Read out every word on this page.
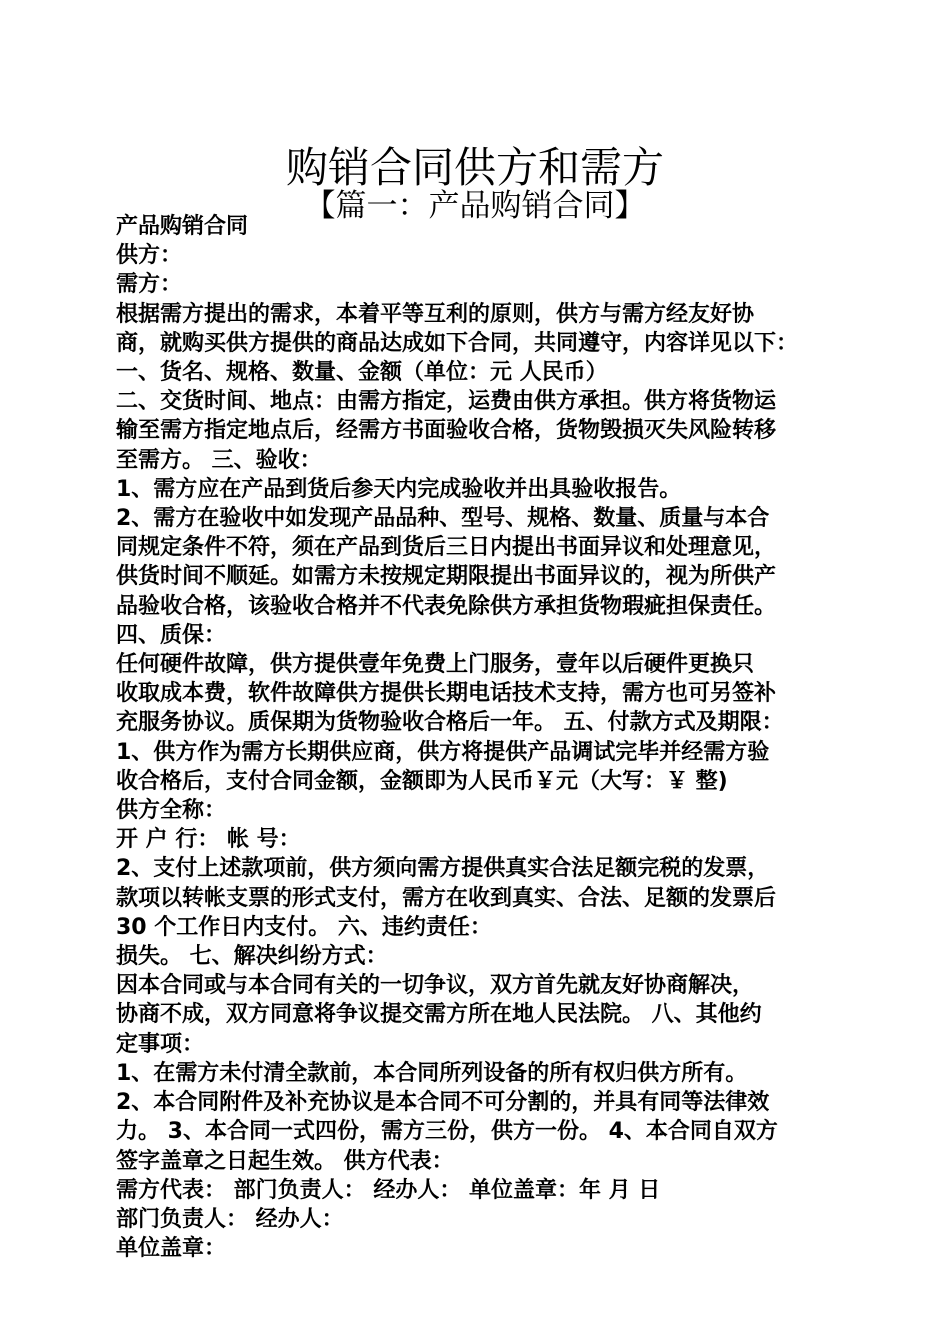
购销合同供方和需方
【篇一：产品购销合同】

产品购销合同

供方：

需方：

根据需方提出的需求，本着平等互利的原则，供方与需方经友好协

商，就购买供方提供的商品达成如下合同，共同遵守，内容详见以下：

一、货名、规格、数量、金额（单位：元 人民币）

二、交货时间、地点：由需方指定，运费由供方承担。供方将货物运

输至需方指定地点后，经需方书面验收合格，货物毁损灭失风险转移

至需方。 三、验收：

1、需方应在产品到货后参天内完成验收并出具验收报告。

2、需方在验收中如发现产品品种、型号、规格、数量、质量与本合

同规定条件不符，须在产品到货后三日内提出书面异议和处理意见，

供货时间不顺延。如需方未按规定期限提出书面异议的，视为所供产

品验收合格，该验收合格并不代表免除供方承担货物瑕疵担保责任。

四、质保：

任何硬件故障，供方提供壹年免费上门服务，壹年以后硬件更换只

收取成本费，软件故障供方提供长期电话技术支持，需方也可另签补

充服务协议。质保期为货物验收合格后一年。 五、付款方式及期限：

1、供方作为需方长期供应商，供方将提供产品调试完毕并经需方验

收合格后，支付合同金额，金额即为人民币￥元（大写：￥ 整)

供方全称：

开 户 行： 帐 号：

2、支付上述款项前，供方须向需方提供真实合法足额完税的发票，

款项以转帐支票的形式支付，需方在收到真实、合法、足额的发票后

30 个工作日内支付。 六、违约责任：

损失。 七、解决纠纷方式：

因本合同或与本合同有关的一切争议，双方首先就友好协商解决，

协商不成，双方同意将争议提交需方所在地人民法院。 八、其他约

定事项：

1、在需方未付清全款前，本合同所列设备的所有权归供方所有。

2、本合同附件及补充协议是本合同不可分割的，并具有同等法律效

力。 3、本合同一式四份，需方三份，供方一份。 4、本合同自双方

签字盖章之日起生效。 供方代表：

需方代表： 部门负责人： 经办人： 单位盖章：年 月 日

部门负责人： 经办人：

单位盖章：
